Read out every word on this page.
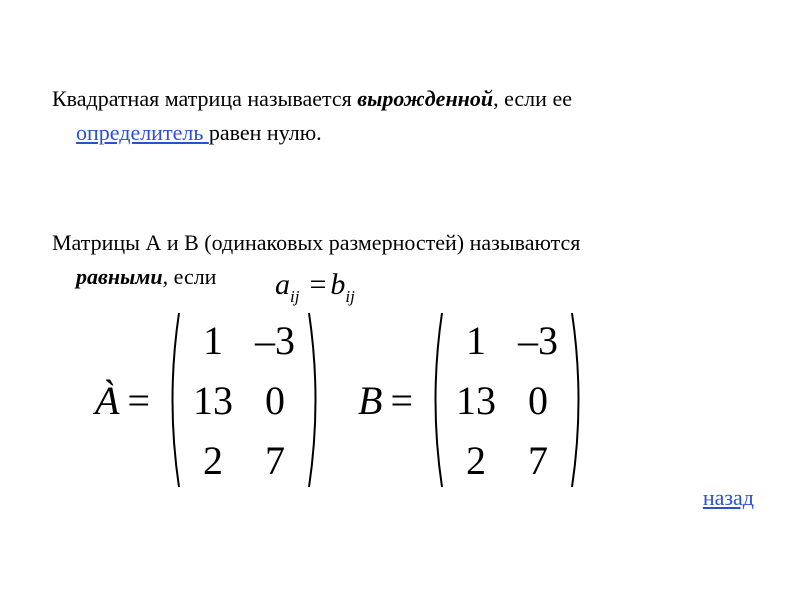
Квадратная матрица называется вырожденной, если ее
определитель равен нулю.

Матрицы А и В (одинаковых размерностей) называются
равными, если	$a_{ij} = b_{ij}$
À =
1 –3
13 0
2	7
B =
1 –3
13 0
2	7
назад
